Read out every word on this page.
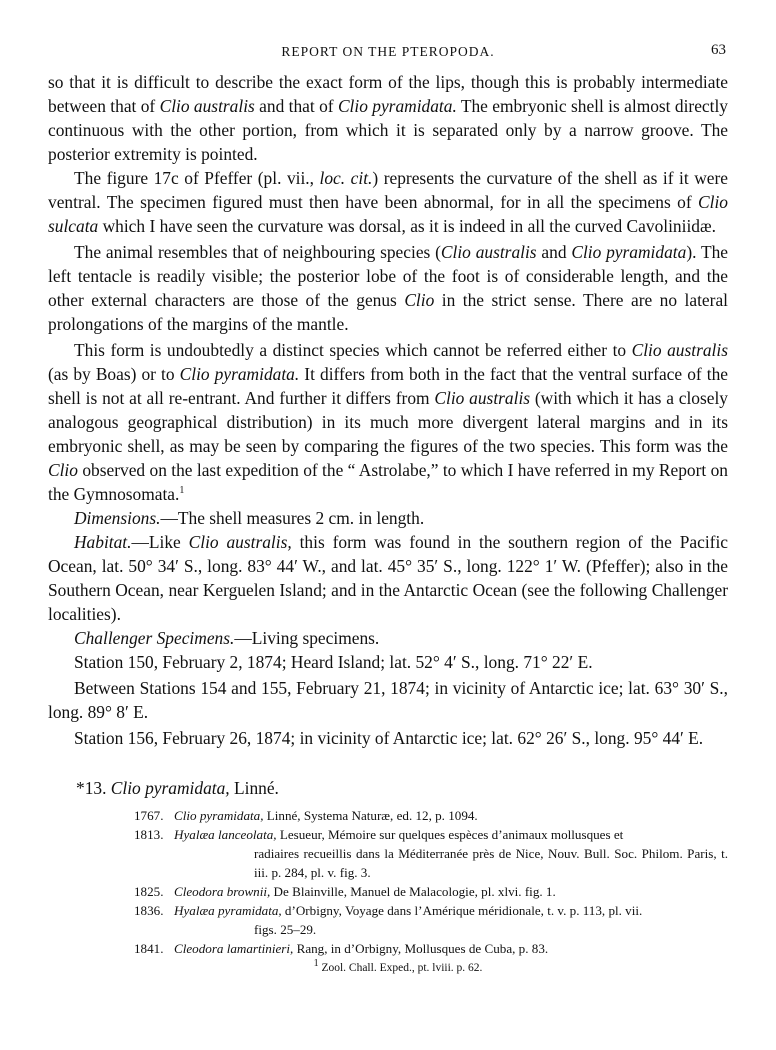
REPORT ON THE PTEROPODA.	63

so that it is difficult to describe the exact form of the lips, though this is probably intermediate between that of Clio australis and that of Clio pyramidata. The embryonic shell is almost directly continuous with the other portion, from which it is separated only by a narrow groove. The posterior extremity is pointed.

The figure 17c of Pfeffer (pl. vii., loc. cit.) represents the curvature of the shell as if it were ventral. The specimen figured must then have been abnormal, for in all the specimens of Clio sulcata which I have seen the curvature was dorsal, as it is indeed in all the curved Cavoliniidæ.

The animal resembles that of neighbouring species (Clio australis and Clio pyramidata). The left tentacle is readily visible; the posterior lobe of the foot is of considerable length, and the other external characters are those of the genus Clio in the strict sense. There are no lateral prolongations of the margins of the mantle.

This form is undoubtedly a distinct species which cannot be referred either to Clio australis (as by Boas) or to Clio pyramidata. It differs from both in the fact that the ventral surface of the shell is not at all re-entrant. And further it differs from Clio australis (with which it has a closely analogous geographical distribution) in its much more divergent lateral margins and in its embryonic shell, as may be seen by comparing the figures of the two species. This form was the Clio observed on the last expedition of the “ Astrolabe,” to which I have referred in my Report on the Gymnosomata.$^1$

Dimensions.—The shell measures 2 cm. in length.

Habitat.—Like Clio australis, this form was found in the southern region of the Pacific Ocean, lat. 50° 34′ S., long. 83° 44′ W., and lat. 45° 35′ S., long. 122° 1′ W. (Pfeffer); also in the Southern Ocean, near Kerguelen Island; and in the Antarctic Ocean (see the following Challenger localities).

Challenger Specimens.—Living specimens.

Station 150, February 2, 1874; Heard Island; lat. 52° 4′ S., long. 71° 22′ E.

Between Stations 154 and 155, February 21, 1874; in vicinity of Antarctic ice; lat. 63° 30′ S., long. 89° 8′ E.

Station 156, February 26, 1874; in vicinity of Antarctic ice; lat. 62° 26′ S., long. 95° 44′ E.

*13. Clio pyramidata, Linné.
1767. Clio pyramidata, Linné, Systema Naturæ, ed. 12, p. 1094.
1813. Hyalæa lanceolata, Lesueur, Mémoire sur quelques espèces d’animaux mollusques et
radiaires recueillis dans la Méditerranée près de Nice, Nouv. Bull. Soc. Philom. Paris, t. iii. p. 284, pl. v. fig. 3.
1825. Cleodora brownii, De Blainville, Manuel de Malacologie, pl. xlvi. fig. 1.
1836. Hyalæa pyramidata, d’Orbigny, Voyage dans l’Amérique méridionale, t. v. p. 113, pl. vii.
figs. 25–29.
1841. Cleodora lamartinieri, Rang, in d’Orbigny, Mollusques de Cuba, p. 83.
$^1$ Zool. Chall. Exped., pt. lviii. p. 62.
